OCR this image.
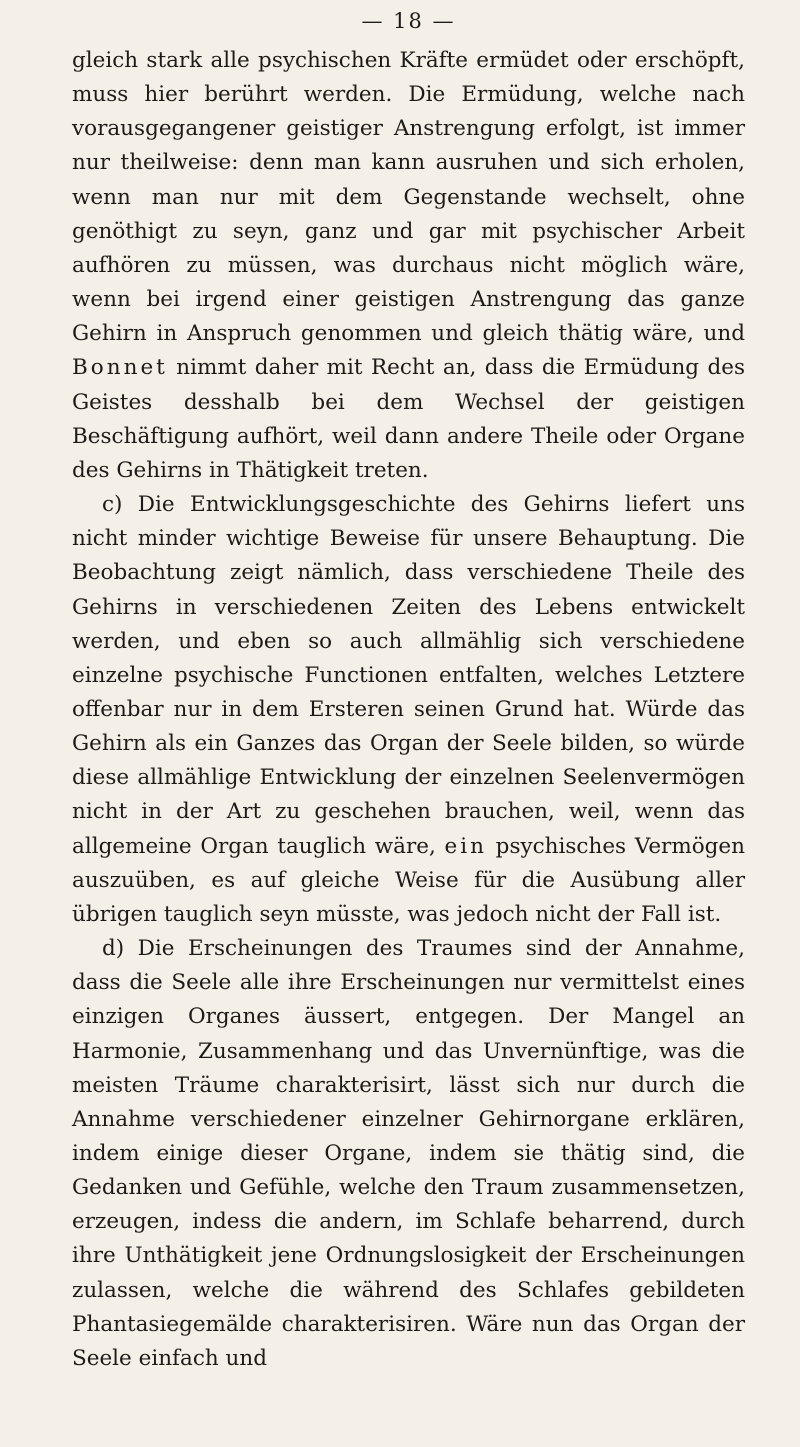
— 18 —

gleich stark alle psychischen Kräfte ermüdet oder erschöpft, muss hier berührt werden. Die Ermüdung, welche nach vorausgegangener geistiger Anstrengung erfolgt, ist immer nur theilweise: denn man kann ausruhen und sich erholen, wenn man nur mit dem Gegenstande wechselt, ohne genöthigt zu seyn, ganz und gar mit psychischer Arbeit aufhören zu müssen, was durchaus nicht möglich wäre, wenn bei irgend einer geistigen Anstrengung das ganze Gehirn in Anspruch genommen und gleich thätig wäre, und Bonnet nimmt daher mit Recht an, dass die Ermüdung des Geistes desshalb bei dem Wechsel der geistigen Beschäftigung aufhört, weil dann andere Theile oder Organe des Gehirns in Thätigkeit treten.

c) Die Entwicklungsgeschichte des Gehirns liefert uns nicht minder wichtige Beweise für unsere Behauptung. Die Beobachtung zeigt nämlich, dass verschiedene Theile des Gehirns in verschiedenen Zeiten des Lebens entwickelt werden, und eben so auch allmählig sich verschiedene einzelne psychische Functionen entfalten, welches Letztere offenbar nur in dem Ersteren seinen Grund hat. Würde das Gehirn als ein Ganzes das Organ der Seele bilden, so würde diese allmählige Entwicklung der einzelnen Seelenvermögen nicht in der Art zu geschehen brauchen, weil, wenn das allgemeine Organ tauglich wäre, ein psychisches Vermögen auszuüben, es auf gleiche Weise für die Ausübung aller übrigen tauglich seyn müsste, was jedoch nicht der Fall ist.

d) Die Erscheinungen des Traumes sind der Annahme, dass die Seele alle ihre Erscheinungen nur vermittelst eines einzigen Organes äussert, entgegen. Der Mangel an Harmonie, Zusammenhang und das Unvernünftige, was die meisten Träume charakterisirt, lässt sich nur durch die Annahme verschiedener einzelner Gehirnorgane erklären, indem einige dieser Organe, indem sie thätig sind, die Gedanken und Gefühle, welche den Traum zusammensetzen, erzeugen, indess die andern, im Schlafe beharrend, durch ihre Unthätigkeit jene Ordnungslosigkeit der Erscheinungen zulassen, welche die während des Schlafes gebildeten Phantasiegemälde charakterisiren. Wäre nun das Organ der Seele einfach und
